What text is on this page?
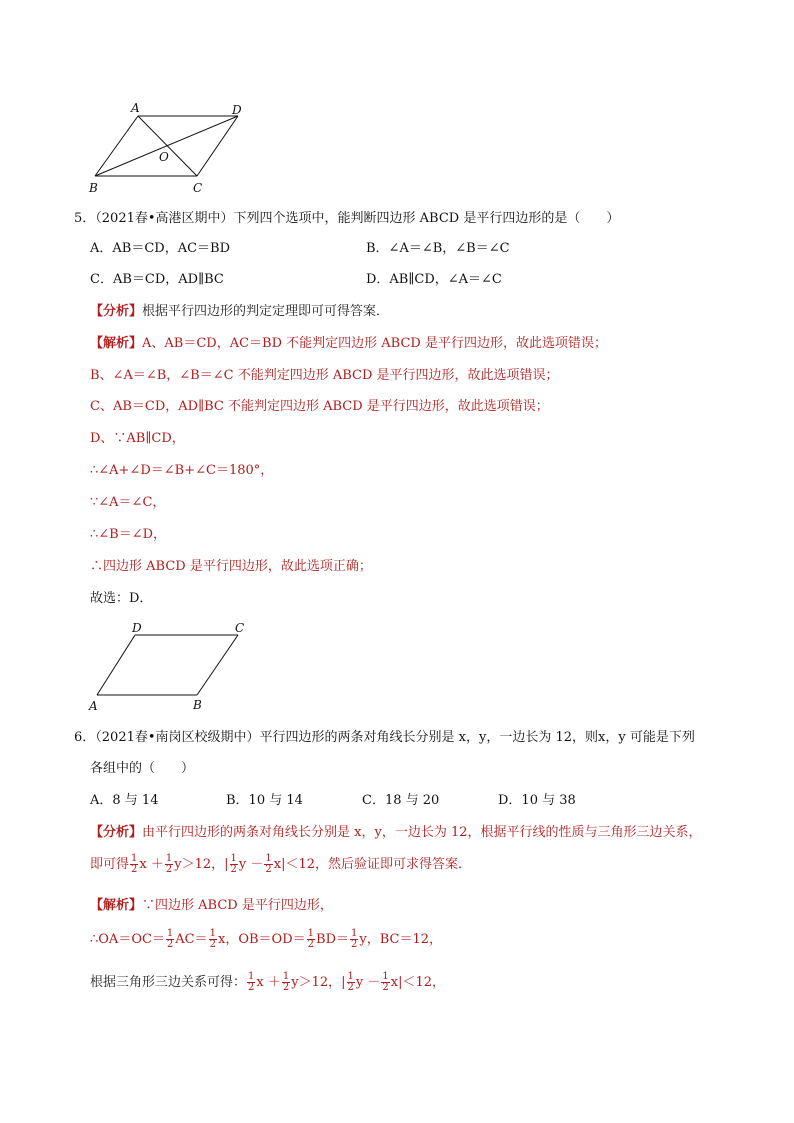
A	D
B	C
O
5．（2021春•高港区期中）下列四个选项中，能判断四边形 ABCD 是平行四边形的是（　　）
A．AB＝CD，AC＝BD	B．∠A＝∠B，∠B＝∠C
C．AB＝CD，AD∥BC	D．AB∥CD，∠A＝∠C
【分析】根据平行四边形的判定定理即可可得答案．
【解析】A、AB＝CD，AC＝BD 不能判定四边形 ABCD 是平行四边形，故此选项错误；
B、∠A＝∠B，∠B＝∠C 不能判定四边形 ABCD 是平行四边形，故此选项错误；
C、AB＝CD，AD∥BC 不能判定四边形 ABCD 是平行四边形，故此选项错误；
D、∵AB∥CD，
∴∠A+∠D＝∠B+∠C＝180°，
∵∠A＝∠C，
∴∠B＝∠D，
∴四边形 ABCD 是平行四边形，故此选项正确；
故选：D．
D	C
A	B
6．（2021春•南岗区校级期中）平行四边形的两条对角线长分别是 x，y，一边长为 12，则x，y 可能是下列
各组中的（　　）
A．8 与 14	B．10 与 14	C．18 与 20	D．10 与 38
【分析】由平行四边形的两条对角线长分别是 x，y，一边长为 12，根据平行线的性质与三角形三边关系，
即可得 $\frac{1}{2}$ $x + \frac{1}{2} y>12$，| $\frac{1}{2}$ $y - \frac{1}{2} x|<12$，然后验证即可求得答案．
【解析】∵四边形 ABCD 是平行四边形，
∴OA＝OC＝ $\frac{1}{2} AC= \frac{1}{2}$ x，$OB=OD= \frac{1}{2} BD= \frac{1}{2}$ y，BC＝12，
根据三角形三边关系可得： $\frac{1}{2}$ $x + \frac{1}{2} y>12$，| $\frac{1}{2}$ $y - \frac{1}{2} x|<12$，
